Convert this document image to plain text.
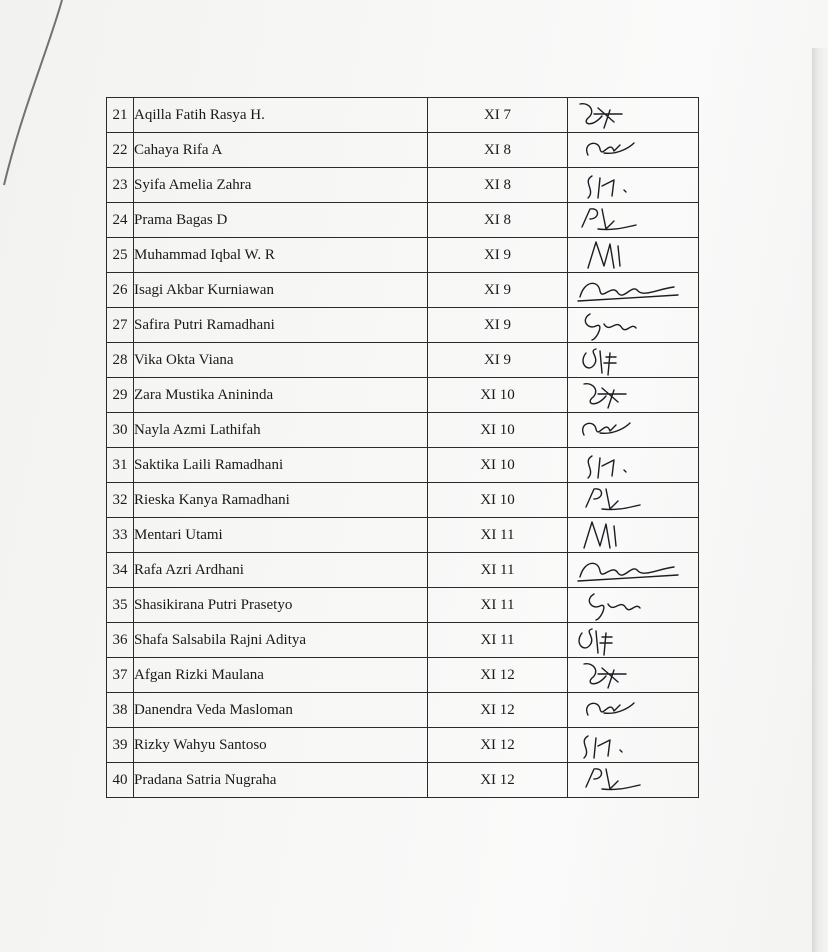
21	Aqilla Fatih Rasya H.	XI 7	

22	Cahaya Rifa A	XI 8	

23	Syifa Amelia Zahra	XI 8	

24	Prama Bagas D	XI 8	

25	Muhammad Iqbal W. R	XI 9	

26	Isagi Akbar Kurniawan	XI 9	

27	Safira Putri Ramadhani	XI 9	

28	Vika Okta Viana	XI 9	

29	Zara Mustika Anininda	XI 10	

30	Nayla Azmi Lathifah	XI 10	

31	Saktika Laili Ramadhani	XI 10	

32	Rieska Kanya Ramadhani	XI 10	

33	Mentari Utami	XI 11	

34	Rafa Azri Ardhani	XI 11	

35	Shasikirana Putri Prasetyo	XI 11	

36	Shafa Salsabila Rajni Aditya	XI 11	

37	Afgan Rizki Maulana	XI 12	

38	Danendra Veda Masloman	XI 12	

39	Rizky Wahyu Santoso	XI 12	

40	Pradana Satria Nugraha	XI 12	
